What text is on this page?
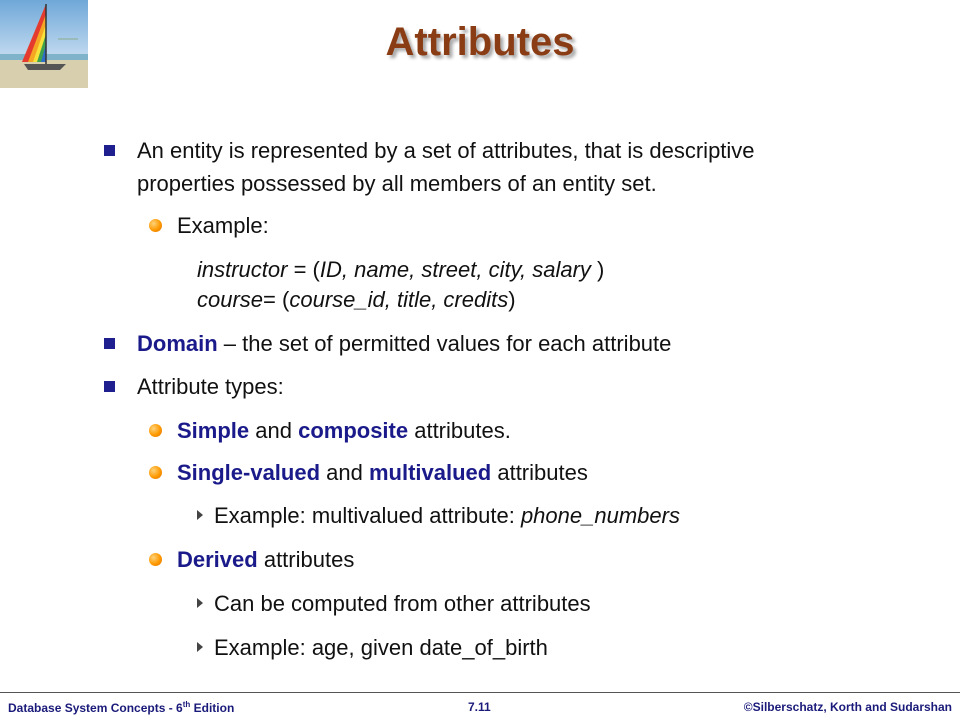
Attributes
An entity is represented by a set of attributes, that is descriptive
properties possessed by all members of an entity set.
Example:
instructor = (ID, name, street, city, salary )
course= (course_id, title, credits)
Domain – the set of permitted values for each attribute
Attribute types:
Simple and composite attributes.
Single-valued and multivalued attributes
Example: multivalued attribute: phone_numbers
Derived attributes
Can be computed from other attributes
Example: age, given date_of_birth
Database System Concepts - 6th Edition	7.11	©Silberschatz, Korth and Sudarshan
